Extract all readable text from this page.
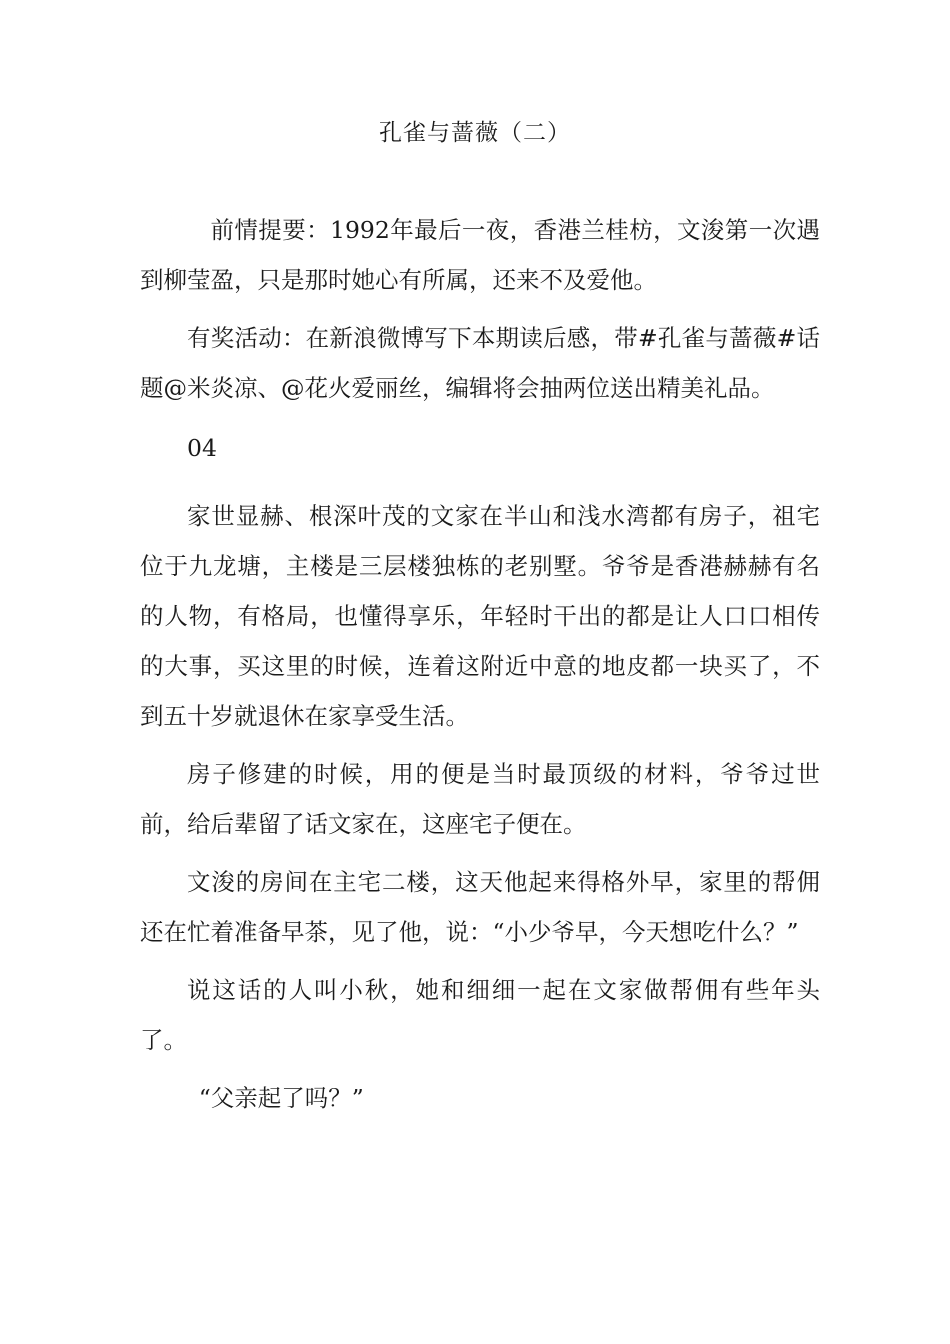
孔雀与蔷薇（二）

前情提要：1992年最后一夜，香港兰桂枋，文浚第一次遇到柳莹盈，只是那时她心有所属，还来不及爱他。

有奖活动：在新浪微博写下本期读后感，带#孔雀与蔷薇#话题@米炎凉、@花火爱丽丝，编辑将会抽两位送出精美礼品。

04

家世显赫、根深叶茂的文家在半山和浅水湾都有房子，祖宅位于九龙塘，主楼是三层楼独栋的老别墅。爷爷是香港赫赫有名的人物，有格局，也懂得享乐，年轻时干出的都是让人口口相传的大事，买这里的时候，连着这附近中意的地皮都一块买了，不到五十岁就退休在家享受生活。

房子修建的时候，用的便是当时最顶级的材料，爷爷过世前，给后辈留了话文家在，这座宅子便在。

文浚的房间在主宅二楼，这天他起来得格外早，家里的帮佣还在忙着准备早茶，见了他，说：“小少爷早，今天想吃什么？”

说这话的人叫小秋，她和细细一起在文家做帮佣有些年头了。

“父亲起了吗？”
